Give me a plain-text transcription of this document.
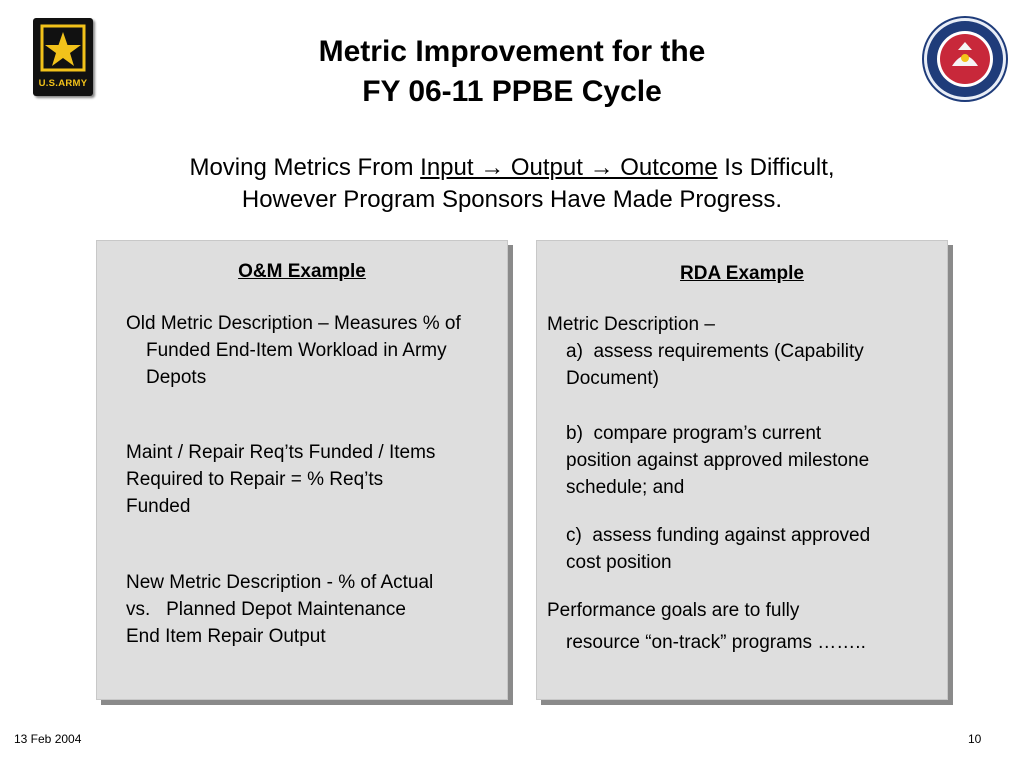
U.S.ARMY
Metric Improvement for the
FY 06-11 PPBE Cycle
Moving Metrics From Input → Output → Outcome Is Difficult,
However Program Sponsors Have Made Progress.
O&M Example
Old Metric Description – Measures % of Funded End-Item Workload in Army Depots
Maint / Repair Req’ts Funded / Items Required to Repair = % Req’ts Funded
New Metric Description - % of Actual
vs.   Planned Depot Maintenance
End Item Repair Output
RDA Example
Metric Description –
a)  assess requirements (Capability
Document)
b)  compare program’s current
position against approved milestone
schedule; and
c)  assess funding against approved
cost position
Performance goals are to fully
resource “on-track” programs ……..
13 Feb 2004	10
